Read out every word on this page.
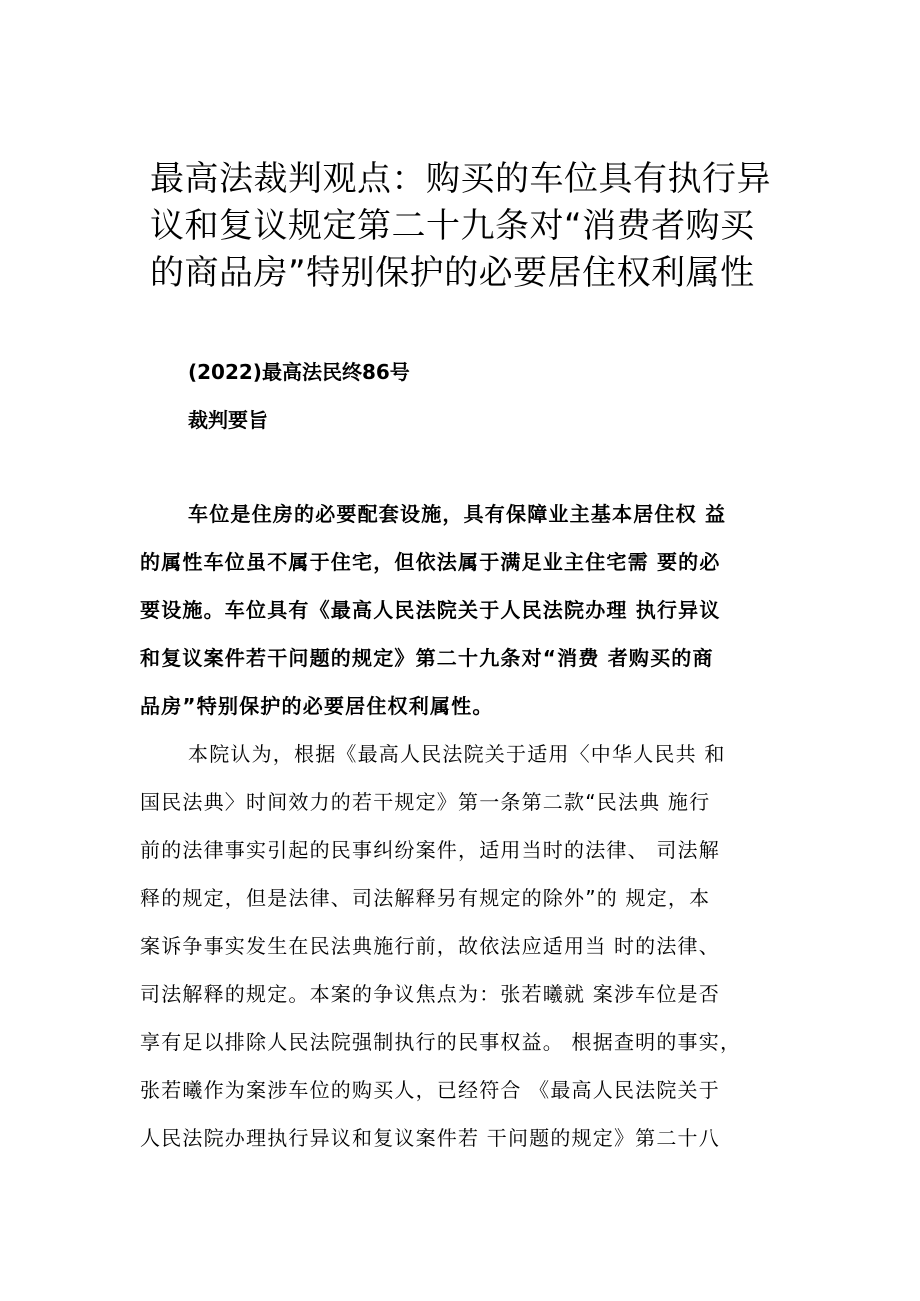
最高法裁判观点：购买的车位具有执行异
议和复议规定第二十九条对“消费者购买
的商品房”特别保护的必要居住权利属性
(2022)最高法民终86号
裁判要旨

车位是住房的必要配套设施，具有保障业主基本居住权 益
的属性车位虽不属于住宅，但依法属于满足业主住宅需 要的必
要设施。车位具有《最高人民法院关于人民法院办理 执行异议
和复议案件若干问题的规定》第二十九条对“消费 者购买的商
品房”特别保护的必要居住权利属性。

本院认为，根据《最高人民法院关于适用〈中华人民共 和
国民法典〉时间效力的若干规定》第一条第二款“民法典 施行
前的法律事实引起的民事纠纷案件，适用当时的法律、 司法解
释的规定，但是法律、司法解释另有规定的除外”的 规定，本
案诉争事实发生在民法典施行前，故依法应适用当 时的法律、
司法解释的规定。本案的争议焦点为：张若曦就 案涉车位是否
享有足以排除人民法院强制执行的民事权益。 根据查明的事实，
张若曦作为案涉车位的购买人，已经符合 《最高人民法院关于
人民法院办理执行异议和复议案件若 干问题的规定》第二十八
